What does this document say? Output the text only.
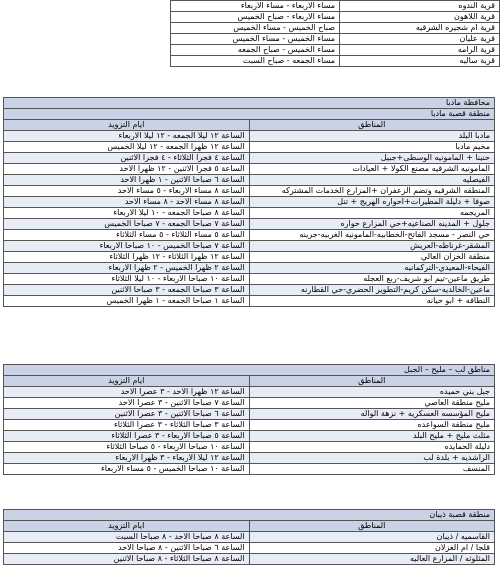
مساء الاربعاء - مساء الاربعاء	قرية الندوه
مساء الاربعاء - صباح الخميس	قرية اللاهون
صباح الخميس - مساء الخميس	قرية ام شجيره الشرقيه
مساء الخميس - مساء الخميس	قرية عليان
مساء الخميس - صباح الجمعه	قرية الرامه
مساء الجمعه - صباح السبت	قرية ساليه
محافظة مادبا	
منطقة قصبة مادبا	
ايام التزويد	المناطق
الساعة ١٢ ليلا الجمعه - ١٢ ليلا الاربعاء	مادبا البلد
الساعة ١٢ ظهرا الجمعه - ١٢ ليلا الخميس	مخيم مادبا
الساعة ٤ فجرا الثلاثاء - ٤ فجرا الاثنين	حنينا + المامونيه الوسطى+جبيل
الساعة ٥ فجرا الاثنين - ١٢ ظهرا الاحد	المامونيه الشرقيه مصنع الكولا + العيادات
الساعة ٦ صباحا الاثنين - ١ ظهرا الاحد	الفيصليه
الساعة ٨ مساء الاربعاء - ٥ مساء الاحد	المنطقه الشرقيه وتضم الزعفران +المزارع الخدمات المشتركه
الساعة ٨ مساء الاحد - ٨ مساء الاحد	صوفا + دليلة المطيرات+احواره الهريج + تنل
الساعة ٨ صباحا الجمعه - ١٠ ليلا الاربعاء	المريجمه
الساعة ٧ صباحا الجمعه - ٧ صباحا الخميس	جلول + المدينه الصناعيه+حي المزارع حواره
الساعة ٥ مساء الثلاثاء - ٥ مساء الثلاثاء	حي النصر - مسجد الفاتح-الخطابيه-المامونيه الغربيه-جرينه
الساعة ٧ صباحا الخميس - ١٠ صباحا الاربعاء	المشقر-غرناطه-العريش
الساعة ١٢ ظهرا الثلاثاء - ١٢ ظهرا الثلاثاء	منطقة الخزان العالي
الساعة ٢ ظهرا الخميس - ٢ ظهرا الاربعاء	الفيحاء-المعيدي-التركمانيه
الساعة ١٠ صباحا الاربعاء - ١٠ ليلا الثلاثاء	طريق ماعين-تيم ابو شريف-ربع العجله
الساعة ٣ صباحا الجمعه - ٣ صباحا الاثنين	ماعين-الخالديه-سكن كريم-التطوير الحضري-حي القطارنه
الساعة ١ صباحا الجمعه - ١ ظهرا الخميس	النطافه + ابو حيانه
مناطق لب – مليح – الجبل	
ايام التزويد	المناطق
الساعة ١٢ ظهرا الاحد - ٣ عصرا الاحد	جبل بني حميده
الساعة ٧ صباحا الاثنين - ٣ عصرا الاحد	مليح منطقة العاصي
الساعة ٦ صباحا الاثنين - ٣ عصرا الاثنين	مليح المؤسسه العسكريه + نزهة الواله
الساعة ٣ صباحا الثلاثاء - ٣ عصرا الثلاثاء	مليح منطقة السواعده
الساعة ٥ صباحا الاربعاء - ٣ عصرا الثلاثاء	مثلث مليح + مليح البلد
الساعة ١٠ صباحا الاربعاء - ٥ صباحا الثلاثاء	دليلة الحمايده
الساعة ١٢ ليلا الاربعاء - ٣ ظهرا الاربعاء	الراشديه + بلدة لب
الساعة ١٠ صباحا الخميس - ٥ مساء الاربعاء	المنسف
منطقة قصبة ذيبان	
ايام التزويد	المناطق
الساعة ٨ صباحا الاحد - ٨ صباحا السبت	القاسميه / ذيبان
الساعة ٦ صباحا الاثنين - ٨ صباحا الاحد	قلجا / ام الغزلان
الساعة ٨ صباحا الثلاثاء - ٨ صباحا الاثنين	المثلوثه / المزارع العاليه
